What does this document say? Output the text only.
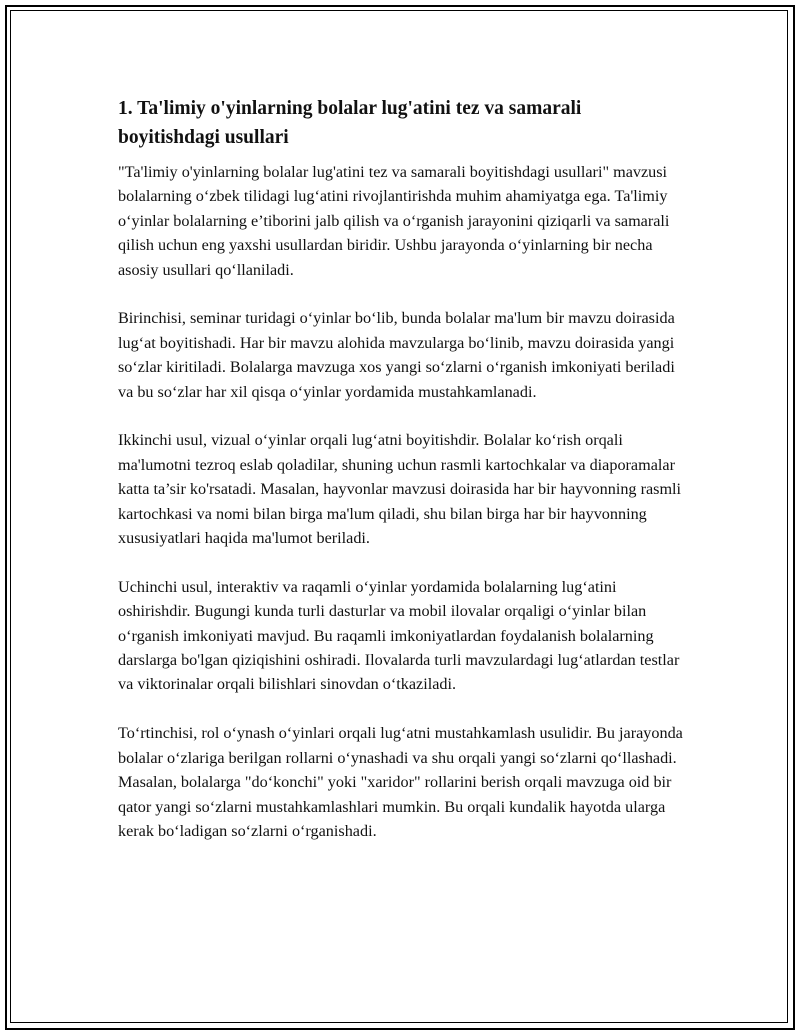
1. Ta'limiy o'yinlarning bolalar lug'atini tez va samarali boyitishdagi usullari

"Ta'limiy o'yinlarning bolalar lug'atini tez va samarali boyitishdagi usullari" mavzusi bolalarning o‘zbek tilidagi lug‘atini rivojlantirishda muhim ahamiyatga ega. Ta'limiy o‘yinlar bolalarning e’tiborini jalb qilish va o‘rganish jarayonini qiziqarli va samarali qilish uchun eng yaxshi usullardan biridir. Ushbu jarayonda o‘yinlarning bir necha asosiy usullari qo‘llaniladi.

Birinchisi, seminar turidagi o‘yinlar bo‘lib, bunda bolalar ma'lum bir mavzu doirasida lug‘at boyitishadi. Har bir mavzu alohida mavzularga bo‘linib, mavzu doirasida yangi so‘zlar kiritiladi. Bolalarga mavzuga xos yangi so‘zlarni o‘rganish imkoniyati beriladi va bu so‘zlar har xil qisqa o‘yinlar yordamida mustahkamlanadi.

Ikkinchi usul, vizual o‘yinlar orqali lug‘atni boyitishdir. Bolalar ko‘rish orqali ma'lumotni tezroq eslab qoladilar, shuning uchun rasmli kartochkalar va diaporamalar katta ta’sir ko'rsatadi. Masalan, hayvonlar mavzusi doirasida har bir hayvonning rasmli kartochkasi va nomi bilan birga ma'lum qiladi, shu bilan birga har bir hayvonning xususiyatlari haqida ma'lumot beriladi.

Uchinchi usul, interaktiv va raqamli o‘yinlar yordamida bolalarning lug‘atini oshirishdir. Bugungi kunda turli dasturlar va mobil ilovalar orqaligi o‘yinlar bilan o‘rganish imkoniyati mavjud. Bu raqamli imkoniyatlardan foydalanish bolalarning darslarga bo'lgan qiziqishini oshiradi. Ilovalarda turli mavzulardagi lug‘atlardan testlar va viktorinalar orqali bilishlari sinovdan o‘tkaziladi.

To‘rtinchisi, rol o‘ynash o‘yinlari orqali lug‘atni mustahkamlash usulidir. Bu jarayonda bolalar o‘zlariga berilgan rollarni o‘ynashadi va shu orqali yangi so‘zlarni qo‘llashadi. Masalan, bolalarga "do‘konchi" yoki "xaridor" rollarini berish orqali mavzuga oid bir qator yangi so‘zlarni mustahkamlashlari mumkin. Bu orqali kundalik hayotda ularga kerak bo‘ladigan so‘zlarni o‘rganishadi.
